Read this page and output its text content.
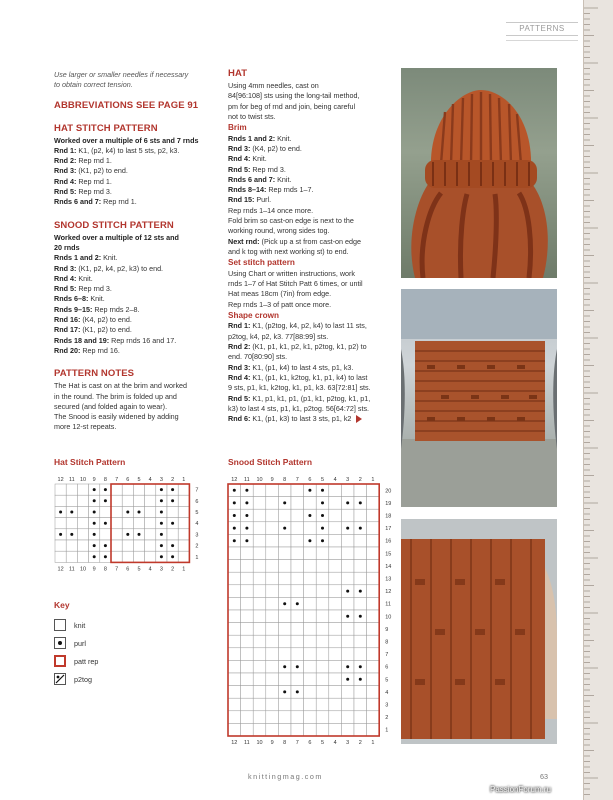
PATTERNS
Use larger or smaller needles if necessary
to obtain correct tension.
ABBREVIATIONS SEE PAGE 91
HAT STITCH PATTERN
Worked over a multiple of 6 sts and 7 rnds
Rnd 1: K1, (p2, k4) to last 5 sts, p2, k3.
Rnd 2: Rep rnd 1.
Rnd 3: (K1, p2) to end.
Rnd 4: Rep rnd 1.
Rnd 5: Rep rnd 3.
Rnds 6 and 7: Rep rnd 1.
SNOOD STITCH PATTERN
Worked over a multiple of 12 sts and
20 rnds
Rnds 1 and 2: Knit.
Rnd 3: (K1, p2, k4, p2, k3) to end.
Rnd 4: Knit.
Rnd 5: Rep rnd 3.
Rnds 6–8: Knit.
Rnds 9–15: Rep rnds 2–8.
Rnd 16: (K4, p2) to end.
Rnd 17: (K1, p2) to end.
Rnds 18 and 19: Rep rnds 16 and 17.
Rnd 20: Rep rnd 16.
PATTERN NOTES
The Hat is cast on at the brim and worked
in the round. The brim is folded up and
secured (and folded again to wear).
The Snood is easily widened by adding
more 12-st repeats.
HAT
Using 4mm needles, cast on
84[96:108] sts using the long-tail method,
pm for beg of rnd and join, being careful
not to twist sts.
Brim
Rnds 1 and 2: Knit.
Rnd 3: (K4, p2) to end.
Rnd 4: Knit.
Rnd 5: Rep rnd 3.
Rnds 6 and 7: Knit.
Rnds 8–14: Rep rnds 1–7.
Rnd 15: Purl.
Rep rnds 1–14 once more.
Fold brim so cast-on edge is next to the
working round, wrong sides tog.
Next rnd: (Pick up a st from cast-on edge
and k tog with next working st) to end.
Set stitch pattern
Using Chart or written instructions, work
rnds 1–7 of Hat Stitch Patt 6 times, or until
Hat meas 18cm (7in) from edge.
Rep rnds 1–3 of patt once more.
Shape crown
Rnd 1: K1, (p2tog, k4, p2, k4) to last 11 sts,
p2tog, k4, p2, k3. 77[88:99] sts.
Rnd 2: (K1, p1, k1, p2, k1, p2tog, k1, p2) to
end. 70[80:90] sts.
Rnd 3: K1, (p1, k4) to last 4 sts, p1, k3.
Rnd 4: K1, (p1, k1, k2tog, k1, p1, k4) to last
9 sts, p1, k1, k2tog, k1, p1, k3. 63[72:81] sts.
Rnd 5: K1, p1, k1, p1, (p1, k1, p2tog, k1, p1,
k3) to last 4 sts, p1, k1, p2tog. 56[64:72] sts.
Rnd 6: K1, (p1, k3) to last 3 sts, p1, k2
Hat Stitch Pattern
12
12
11
11
10
10
9
9
8
8
7
7
6
6
5
5
4
4
3
3
2
2
1
1
7
6
5
4
3
2
1
Snood Stitch Pattern
12
12
11
11
10
10
9
9
8
8
7
7
6
6
5
5
4
4
3
3
2
2
1
1
20
19
18
17
16
15
14
13
12
11
10
9
8
7
6
5
4
3
2
1
Key
knit
purl
patt rep
p2tog
knittingmag.com	63
PassionForum.ru
